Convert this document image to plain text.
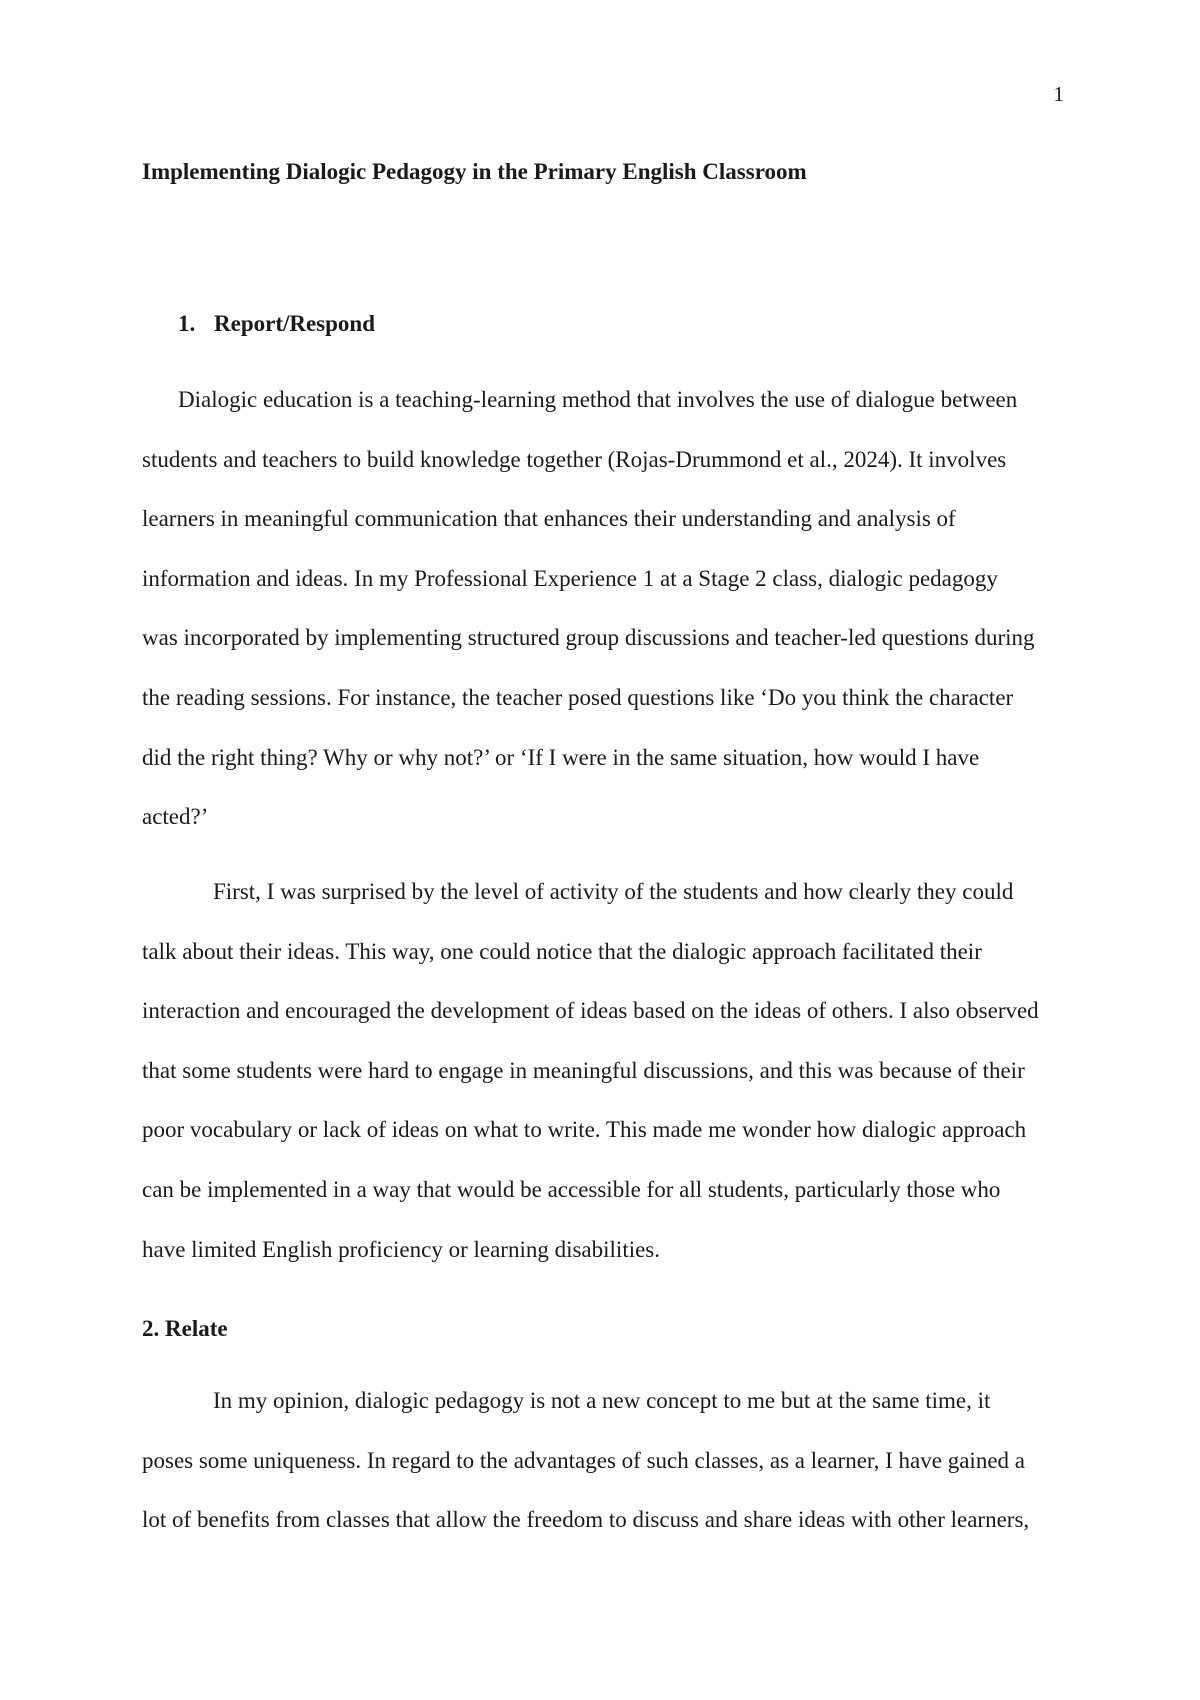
1
Implementing Dialogic Pedagogy in the Primary English Classroom
1. Report/Respond
Dialogic education is a teaching-learning method that involves the use of dialogue between
students and teachers to build knowledge together (Rojas-Drummond et al., 2024). It involves
learners in meaningful communication that enhances their understanding and analysis of
information and ideas. In my Professional Experience 1 at a Stage 2 class, dialogic pedagogy
was incorporated by implementing structured group discussions and teacher-led questions during
the reading sessions. For instance, the teacher posed questions like ‘Do you think the character
did the right thing? Why or why not?’ or ‘If I were in the same situation, how would I have
acted?’
First, I was surprised by the level of activity of the students and how clearly they could
talk about their ideas. This way, one could notice that the dialogic approach facilitated their
interaction and encouraged the development of ideas based on the ideas of others. I also observed
that some students were hard to engage in meaningful discussions, and this was because of their
poor vocabulary or lack of ideas on what to write. This made me wonder how dialogic approach
can be implemented in a way that would be accessible for all students, particularly those who
have limited English proficiency or learning disabilities.
2. Relate
In my opinion, dialogic pedagogy is not a new concept to me but at the same time, it
poses some uniqueness. In regard to the advantages of such classes, as a learner, I have gained a
lot of benefits from classes that allow the freedom to discuss and share ideas with other learners,
